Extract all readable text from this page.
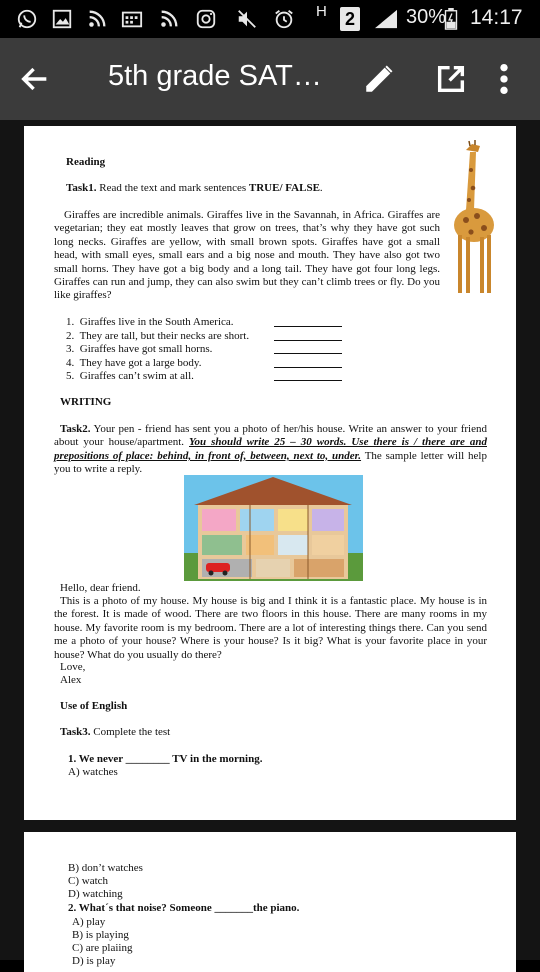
H 2	30% 14:17
5th grade SAT…
Reading
Task1. Read the text and mark sentences TRUE/ FALSE.
Giraffes are incredible animals. Giraffes live in the Savannah, in Africa. Giraffes are vegetarian; they eat mostly leaves that grow on trees, that’s why they have got such long necks. Giraffes are yellow, with small brown spots. Giraffes have got a small head, with small eyes, small ears and a big nose and mouth. They have also got two small horns. They have got a big body and a long tail. They have got four long legs. Giraffes can run and jump, they can also swim but they can’t climb trees or fly. Do you like giraffes?
1. Giraffes live in the South America.
2. They are tall, but their necks are short.
3. Giraffes have got small horns.
4. They have got a large body.
5. Giraffes can’t swim at all.
WRITING
Task2. Your pen - friend has sent you a photo of her/his house. Write an answer to your friend about your house/apartment. You should write 25 – 30 words. Use there is / there are and prepositions of place: behind, in front of, between, next to, under. The sample letter will help you to write a reply.
Hello, dear friend.
This is a photo of my house. My house is big and I think it is a fantastic place. My house is in the forest. It is made of wood. There are two floors in this house. There are many rooms in my house. My favorite room is my bedroom. There are a lot of interesting things there. Can you send me a photo of your house? Where is your house? Is it big? What is your favorite place in your house? What do you usually do there?
Love,
Alex
Use of English
Task3. Complete the test
1. We never ________ TV in the morning.
A) watches
B) don’t watches
C) watch
D) watching
2. What´s that noise? Someone _______the piano.
A) play
B) is playing
C) are plaiing
D) is play
